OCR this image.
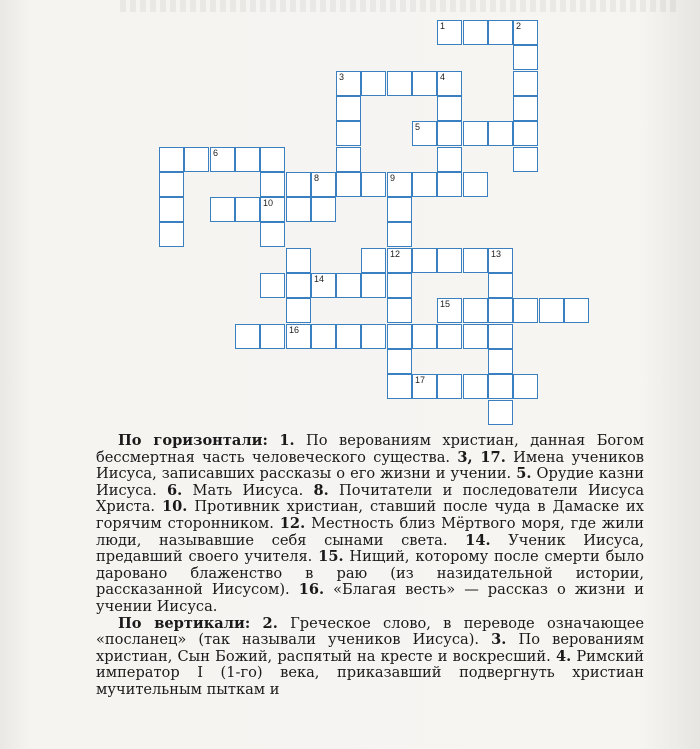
1	2
3	4
5
6
8	9
10
12	13
14
15
16
17

По горизонтали: 1. По верованиям христиан, данная Богом бессмертная часть человеческого существа. 3, 17. Имена учеников Иисуса, записавших рассказы о его жизни и учении. 5. Орудие казни Иисуса. 6. Мать Иисуса. 8. Почитатели и последователи Иисуса Христа. 10. Противник христиан, ставший после чуда в Дамаске их горячим сторонником. 12. Местность близ Мёртвого моря, где жили люди, называвшие себя сынами света. 14. Ученик Иисуса, предавший своего учителя. 15. Нищий, которому после смерти было даровано блаженство в раю (из назидательной истории, рассказанной Иисусом). 16. «Благая весть» — рассказ о жизни и учении Иисуса.

По вертикали: 2. Греческое слово, в переводе означающее «посланец» (так называли учеников Иисуса). 3. По верованиям христиан, Сын Божий, распятый на кресте и воскресший. 4. Римский император I (1-го) века, приказавший подвергнуть христиан мучительным пыткам и
